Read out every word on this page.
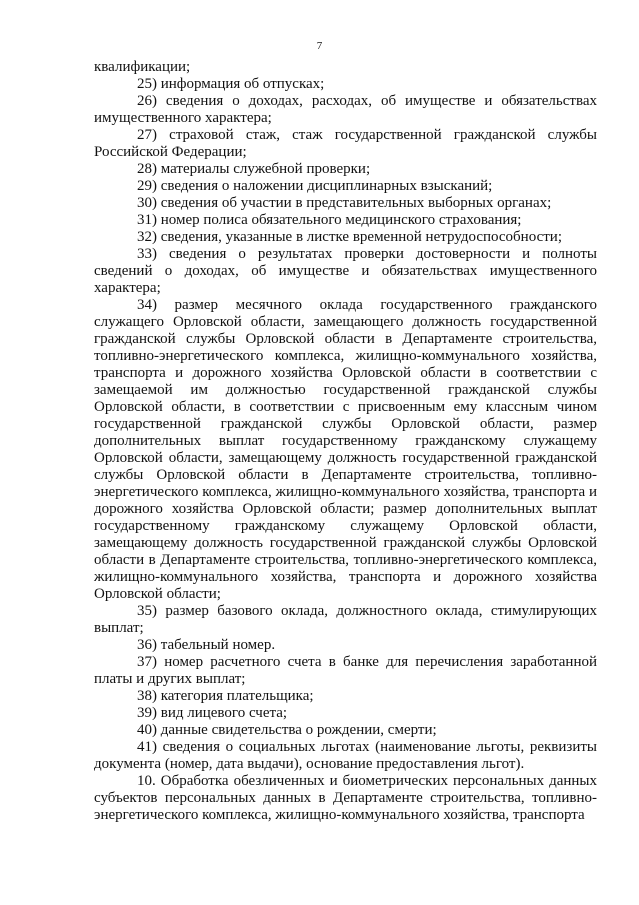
7

квалификации;

25) информация об отпусках;

26) сведения о доходах, расходах, об имуществе и обязательствах имущественного характера;

27) страховой стаж, стаж государственной гражданской службы Российской Федерации;

28) материалы служебной проверки;

29) сведения о наложении дисциплинарных взысканий;

30) сведения об участии в представительных выборных органах;

31) номер полиса обязательного медицинского страхования;

32) сведения, указанные в листке временной нетрудоспособности;

33) сведения о результатах проверки достоверности и полноты сведений о доходах, об имуществе и обязательствах имущественного характера;

34) размер месячного оклада государственного гражданского служащего Орловской области, замещающего должность государственной гражданской службы Орловской области в Департаменте строительства, топливно-энергетического комплекса, жилищно-коммунального хозяйства, транспорта и дорожного хозяйства Орловской области в соответствии с замещаемой им должностью государственной гражданской службы Орловской области, в соответствии с присвоенным ему классным чином государственной гражданской службы Орловской области, размер дополнительных выплат государственному гражданскому служащему Орловской области, замещающему должность государственной гражданской службы Орловской области в Департаменте строительства, топливно-энергетического комплекса, жилищно-коммунального хозяйства, транспорта и дорожного хозяйства Орловской области; размер дополнительных выплат государственному гражданскому служащему Орловской области, замещающему должность государственной гражданской службы Орловской области в Департаменте строительства, топливно-энергетического комплекса, жилищно-коммунального хозяйства, транспорта и дорожного хозяйства Орловской области;

35) размер базового оклада, должностного оклада, стимулирующих выплат;

36) табельный номер.

37) номер расчетного счета в банке для перечисления заработанной платы и других выплат;

38) категория плательщика;

39) вид лицевого счета;

40) данные свидетельства о рождении, смерти;

41) сведения о социальных льготах (наименование льготы, реквизиты документа (номер, дата выдачи), основание предоставления льгот).

10. Обработка обезличенных и биометрических персональных данных субъектов персональных данных в Департаменте строительства, топливно-энергетического комплекса, жилищно-коммунального хозяйства, транспорта
